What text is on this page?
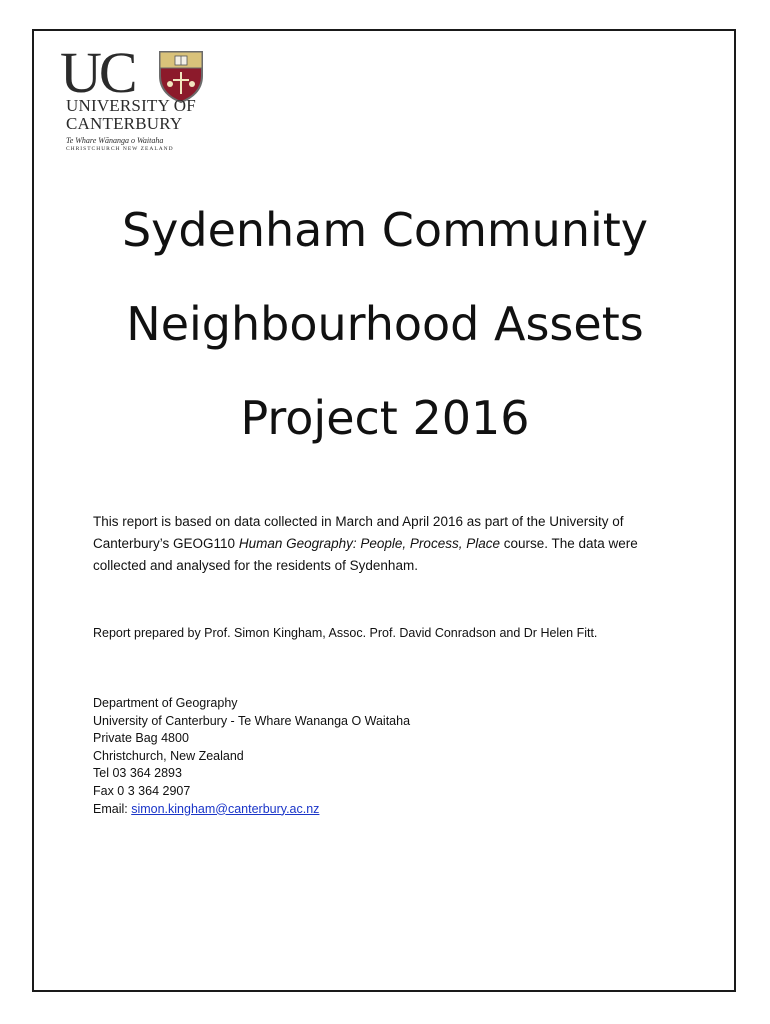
UC
UNIVERSITY OF
CANTERBURY
Te Whare Wānanga o Waitaha
CHRISTCHURCH NEW ZEALAND
Sydenham Community
Neighbourhood Assets
Project 2016

This report is based on data collected in March and April 2016 as part of the University of Canterbury’s GEOG110 Human Geography: People, Process, Place course. The data were collected and analysed for the residents of Sydenham.

Report prepared by Prof. Simon Kingham, Assoc. Prof. David Conradson and Dr Helen Fitt.

Department of Geography
University of Canterbury - Te Whare Wananga O Waitaha
Private Bag 4800
Christchurch, New Zealand
Tel 03 364 2893
Fax 0 3 364 2907
Email: simon.kingham@canterbury.ac.nz
